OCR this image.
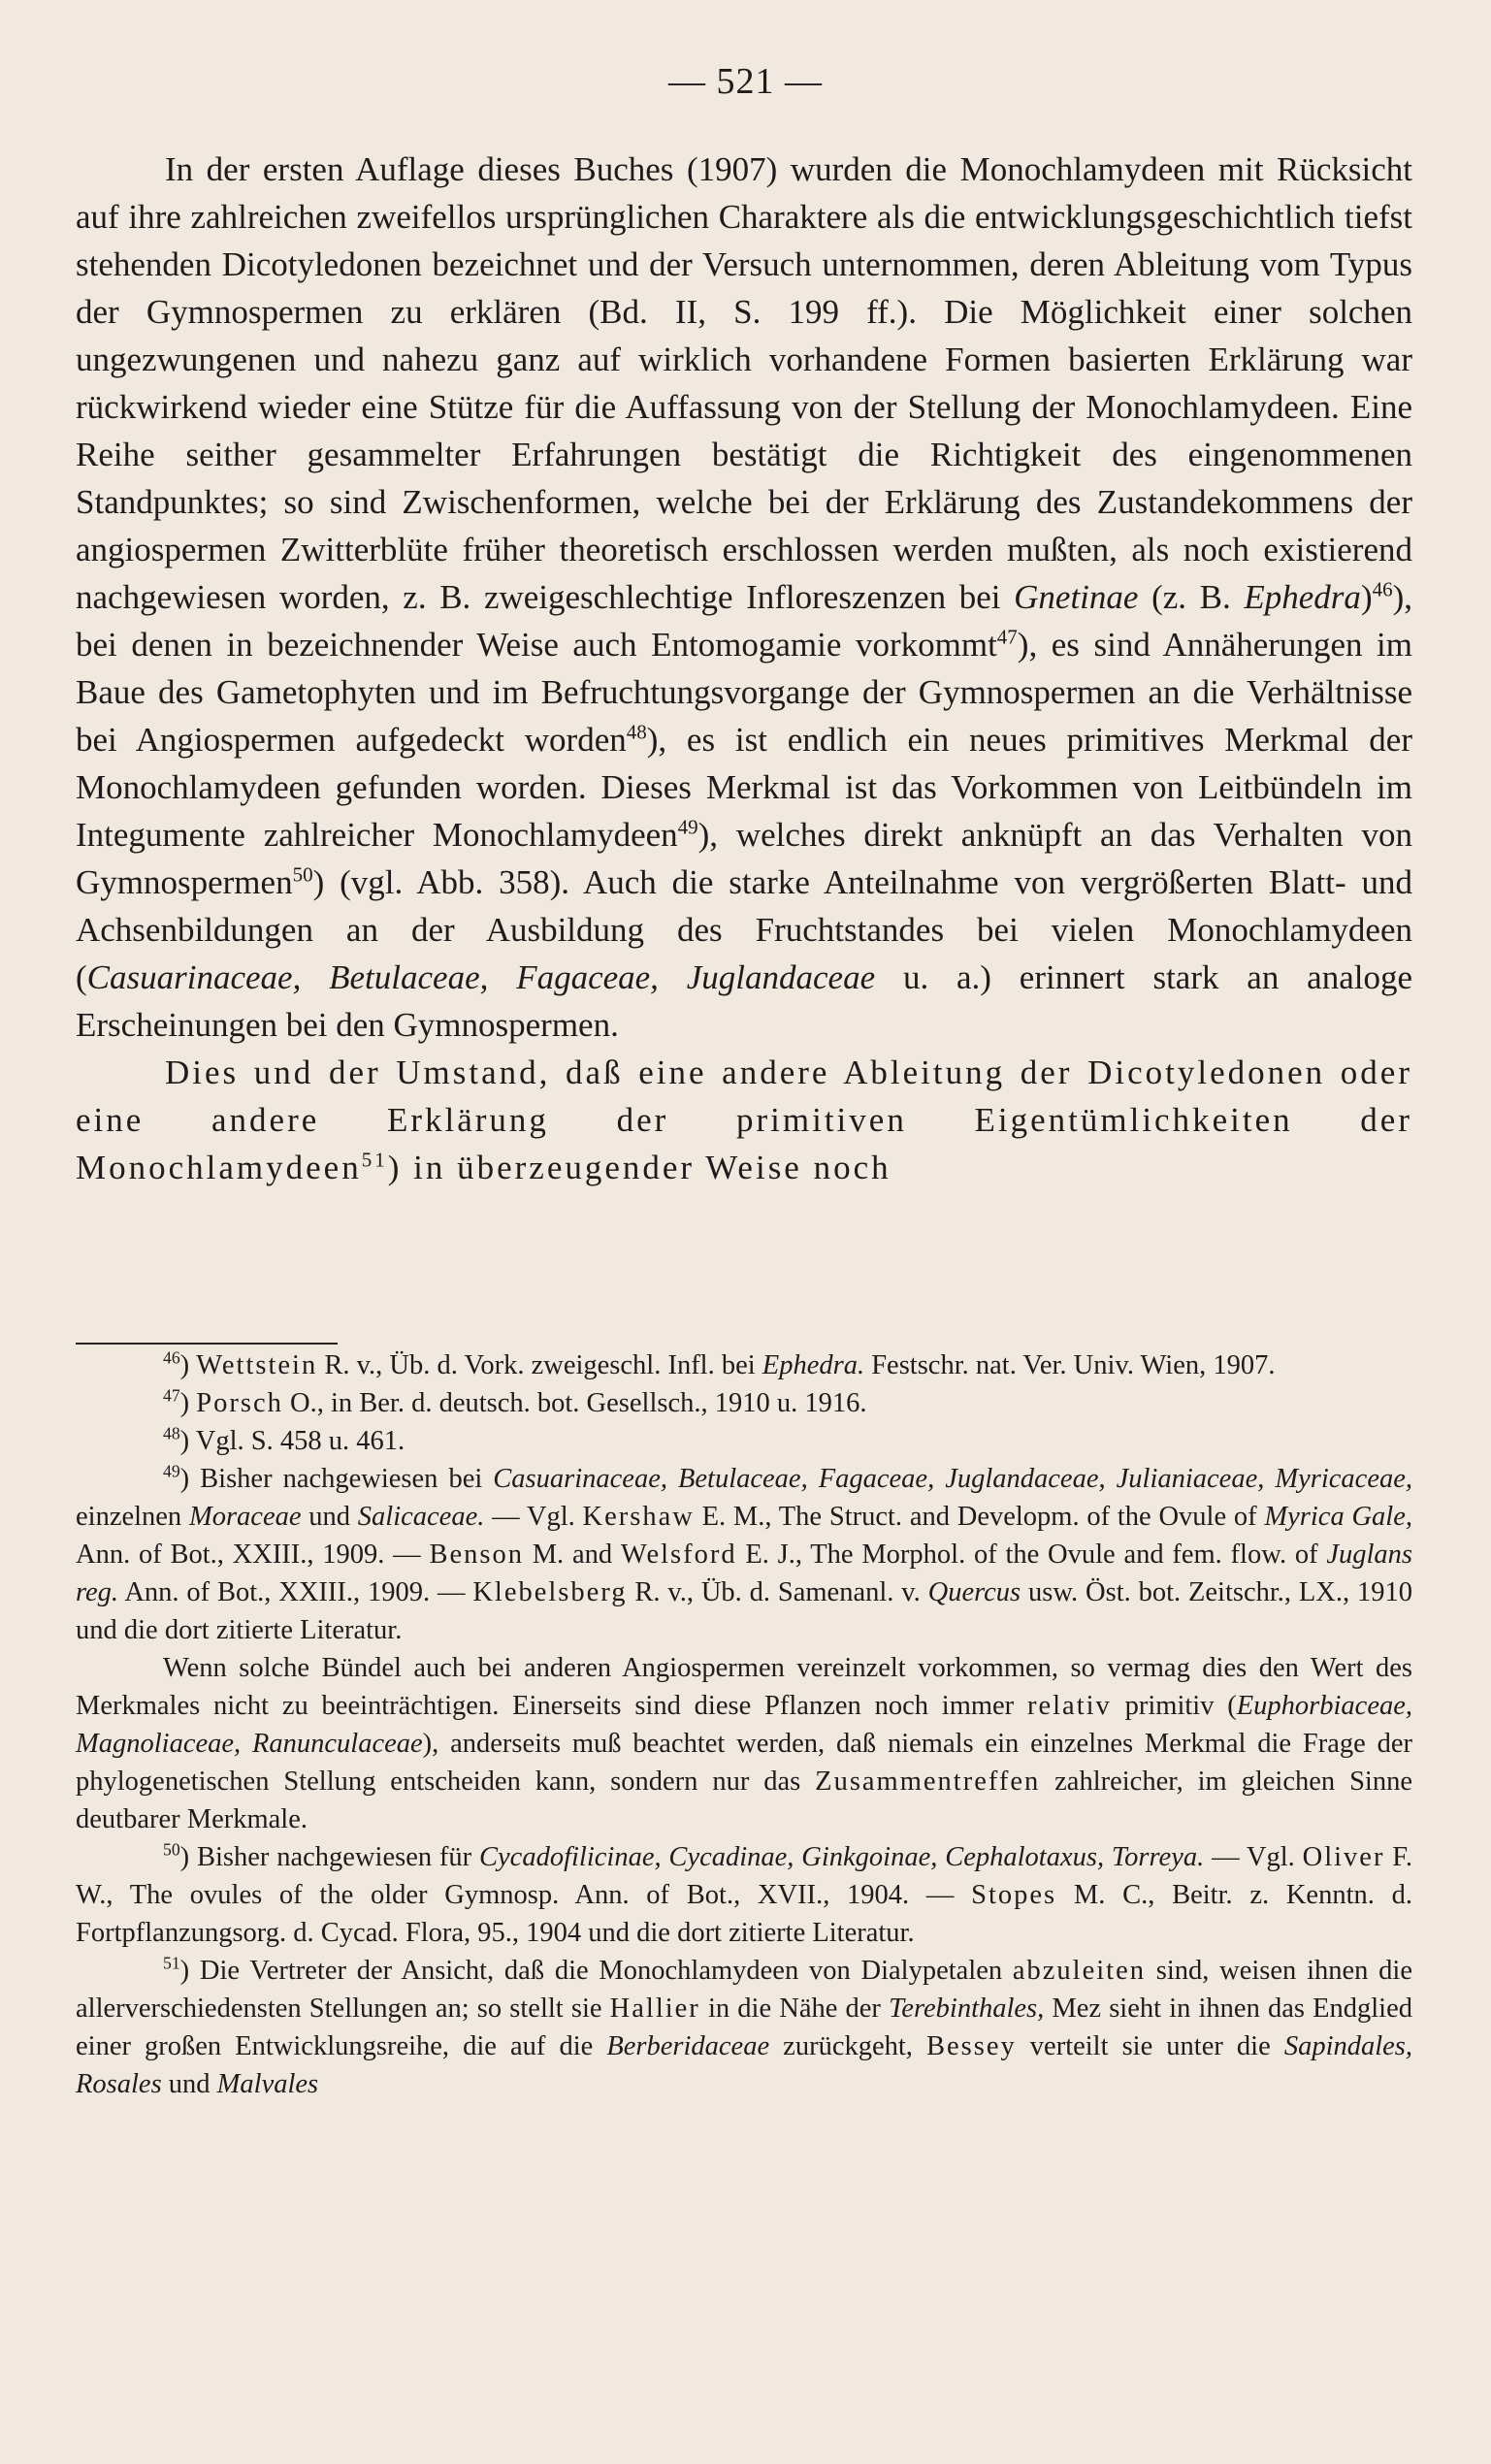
— 521 —

In der ersten Auflage dieses Buches (1907) wurden die Monochlamydeen mit Rücksicht auf ihre zahlreichen zweifellos ursprünglichen Charaktere als die entwicklungsgeschichtlich tiefst stehenden Dicotyledonen bezeichnet und der Versuch unternommen, deren Ableitung vom Typus der Gymnospermen zu erklären (Bd. II, S. 199 ff.). Die Möglichkeit einer solchen ungezwungenen und nahezu ganz auf wirklich vorhandene Formen basierten Erklärung war rückwirkend wieder eine Stütze für die Auffassung von der Stellung der Monochlamydeen. Eine Reihe seither gesammelter Erfahrungen bestätigt die Richtigkeit des eingenommenen Standpunktes; so sind Zwischenformen, welche bei der Erklärung des Zustandekommens der angiospermen Zwitterblüte früher theoretisch erschlossen werden mußten, als noch existierend nachgewiesen worden, z. B. zweigeschlechtige Infloreszenzen bei Gnetinae (z. B. Ephedra)$^{46}$), bei denen in bezeichnender Weise auch Entomogamie vorkommt$^{47}$), es sind Annäherungen im Baue des Gametophyten und im Befruchtungsvorgange der Gymnospermen an die Verhältnisse bei Angiospermen aufgedeckt worden$^{48}$), es ist endlich ein neues primitives Merkmal der Monochlamydeen gefunden worden. Dieses Merkmal ist das Vorkommen von Leitbündeln im Integumente zahlreicher Monochlamydeen$^{49}$), welches direkt anknüpft an das Verhalten von Gymnospermen$^{50}$) (vgl. Abb. 358). Auch die starke Anteilnahme von vergrößerten Blatt- und Achsenbildungen an der Ausbildung des Fruchtstandes bei vielen Monochlamydeen (Casuarinaceae, Betulaceae, Fagaceae, Juglandaceae u. a.) erinnert stark an analoge Erscheinungen bei den Gymnospermen.

Dies und der Umstand, daß eine andere Ableitung der Dicotyledonen oder eine andere Erklärung der primitiven Eigentümlichkeiten der Monochlamydeen$^{51}$) in überzeugender Weise noch

$^{46}$) Wettstein R. v., Üb. d. Vork. zweigeschl. Infl. bei Ephedra. Festschr. nat. Ver. Univ. Wien, 1907.

$^{47}$) Porsch O., in Ber. d. deutsch. bot. Gesellsch., 1910 u. 1916.

$^{48}$) Vgl. S. 458 u. 461.

$^{49}$) Bisher nachgewiesen bei Casuarinaceae, Betulaceae, Fagaceae, Juglandaceae, Julianiaceae, Myricaceae, einzelnen Moraceae und Salicaceae. — Vgl. Kershaw E. M., The Struct. and Developm. of the Ovule of Myrica Gale, Ann. of Bot., XXIII., 1909. — Benson M. and Welsford E. J., The Morphol. of the Ovule and fem. flow. of Juglans reg. Ann. of Bot., XXIII., 1909. — Klebelsberg R. v., Üb. d. Samenanl. v. Quercus usw. Öst. bot. Zeitschr., LX., 1910 und die dort zitierte Literatur.

Wenn solche Bündel auch bei anderen Angiospermen vereinzelt vorkommen, so vermag dies den Wert des Merkmales nicht zu beeinträchtigen. Einerseits sind diese Pflanzen noch immer relativ primitiv (Euphorbiaceae, Magnoliaceae, Ranunculaceae), anderseits muß beachtet werden, daß niemals ein einzelnes Merkmal die Frage der phylogenetischen Stellung entscheiden kann, sondern nur das Zusammentreffen zahlreicher, im gleichen Sinne deutbarer Merkmale.

$^{50}$) Bisher nachgewiesen für Cycadofilicinae, Cycadinae, Ginkgoinae, Cephalotaxus, Torreya. — Vgl. Oliver F. W., The ovules of the older Gymnosp. Ann. of Bot., XVII., 1904. — Stopes M. C., Beitr. z. Kenntn. d. Fortpflanzungsorg. d. Cycad. Flora, 95., 1904 und die dort zitierte Literatur.

$^{51}$) Die Vertreter der Ansicht, daß die Monochlamydeen von Dialypetalen abzuleiten sind, weisen ihnen die allerverschiedensten Stellungen an; so stellt sie Hallier in die Nähe der Terebinthales, Mez sieht in ihnen das Endglied einer großen Entwicklungsreihe, die auf die Berberidaceae zurückgeht, Bessey verteilt sie unter die Sapindales, Rosales und Malvales
